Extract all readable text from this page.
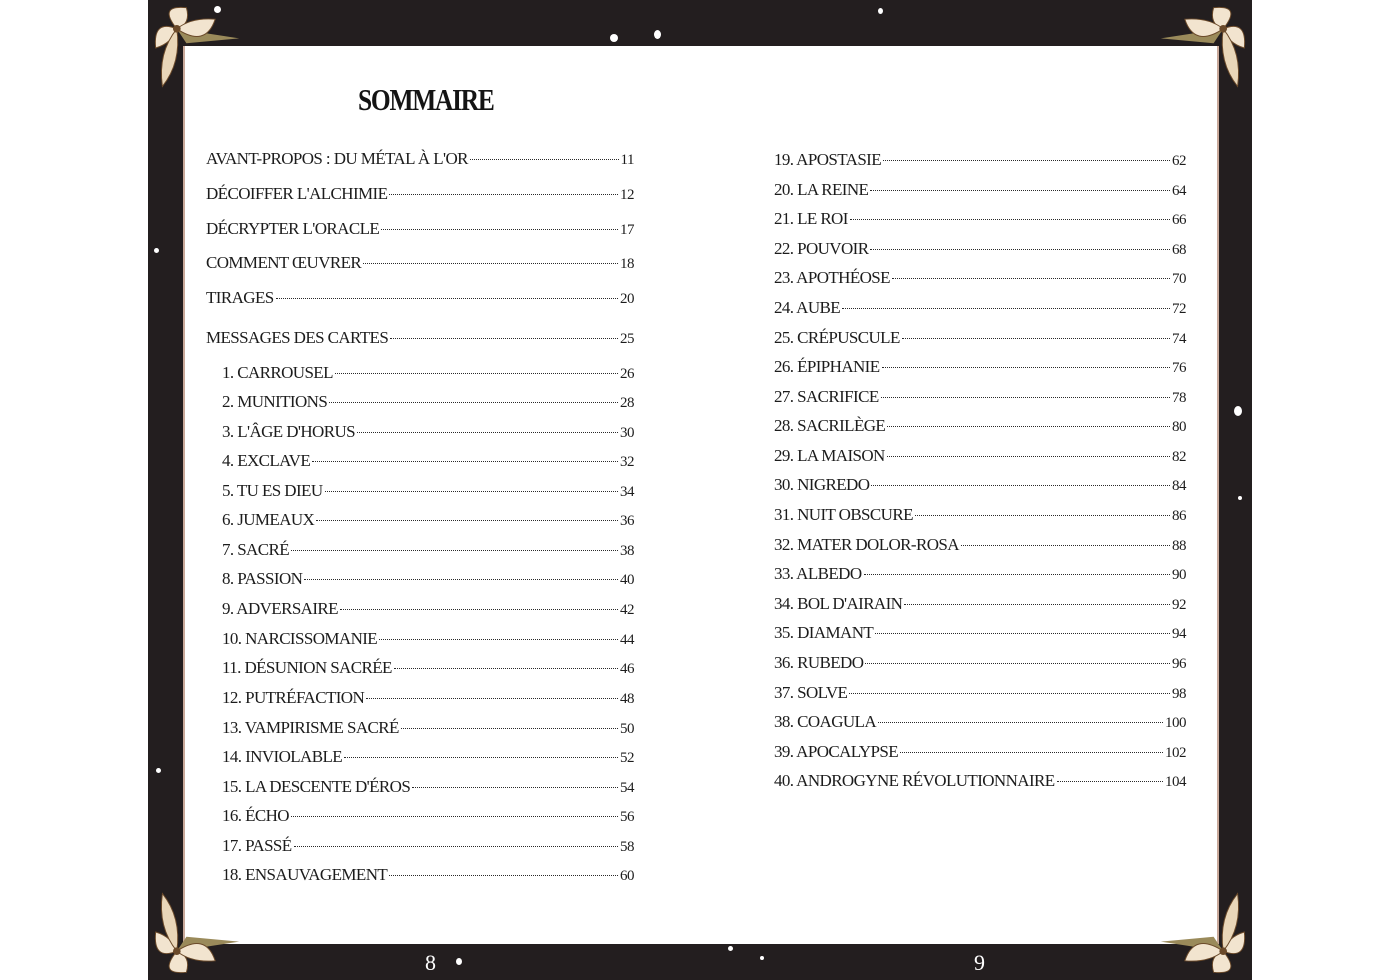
SOMMAIRE
AVANT-PROPOS : DU MÉTAL À L'OR	11
DÉCOIFFER L'ALCHIMIE	12
DÉCRYPTER L'ORACLE	17
COMMENT ŒUVRER	18
TIRAGES	20
MESSAGES DES CARTES	25
1. CARROUSEL	26
2. MUNITIONS	28
3. L'ÂGE D'HORUS	30
4. EXCLAVE	32
5. TU ES DIEU	34
6. JUMEAUX	36
7. SACRÉ	38
8. PASSION	40
9. ADVERSAIRE	42
10. NARCISSOMANIE	44
11. DÉSUNION SACRÉE	46
12. PUTRÉFACTION	48
13. VAMPIRISME SACRÉ	50
14. INVIOLABLE	52
15. LA DESCENTE D'ÉROS	54
16. ÉCHO	56
17. PASSÉ	58
18. ENSAUVAGEMENT	60
19. APOSTASIE	62
20. LA REINE	64
21. LE ROI	66
22. POUVOIR	68
23. APOTHÉOSE	70
24. AUBE	72
25. CRÉPUSCULE	74
26. ÉPIPHANIE	76
27. SACRIFICE	78
28. SACRILÈGE	80
29. LA MAISON	82
30. NIGREDO	84
31. NUIT OBSCURE	86
32. MATER DOLOR-ROSA	88
33. ALBEDO	90
34. BOL D'AIRAIN	92
35. DIAMANT	94
36. RUBEDO	96
37. SOLVE	98
38. COAGULA	100
39. APOCALYPSE	102
40. ANDROGYNE RÉVOLUTIONNAIRE	104
8	9
